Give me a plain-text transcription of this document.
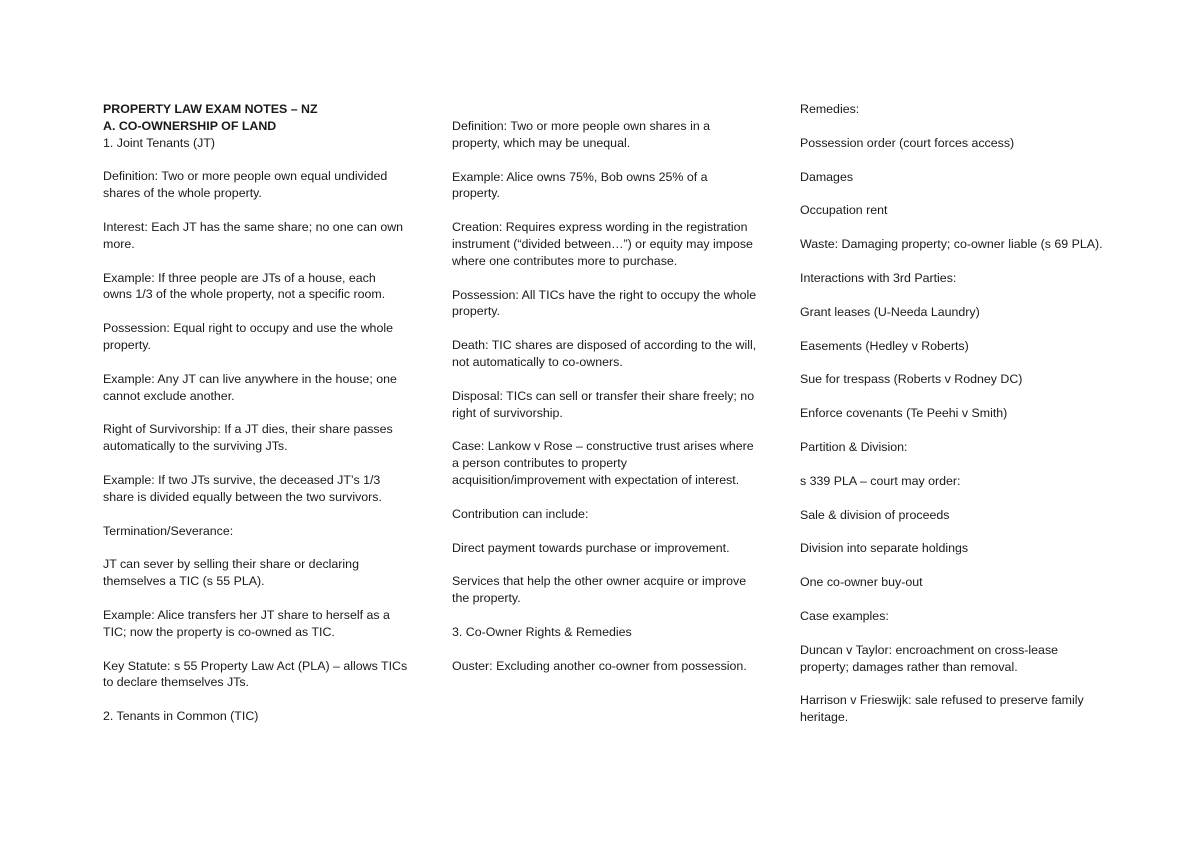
PROPERTY LAW EXAM NOTES – NZ

A. CO-OWNERSHIP OF LAND

1. Joint Tenants (JT)

Definition: Two or more people own equal undivided shares of the whole property.

Interest: Each JT has the same share; no one can own more.

Example: If three people are JTs of a house, each owns 1/3 of the whole property, not a specific room.

Possession: Equal right to occupy and use the whole property.

Example: Any JT can live anywhere in the house; one cannot exclude another.

Right of Survivorship: If a JT dies, their share passes automatically to the surviving JTs.

Example: If two JTs survive, the deceased JT’s 1/3 share is divided equally between the two survivors.

Termination/Severance:

JT can sever by selling their share or declaring themselves a TIC (s 55 PLA).

Example: Alice transfers her JT share to herself as a TIC; now the property is co-owned as TIC.

Key Statute: s 55 Property Law Act (PLA) – allows TICs to declare themselves JTs.

2. Tenants in Common (TIC)

Definition: Two or more people own shares in a property, which may be unequal.

Example: Alice owns 75%, Bob owns 25% of a property.

Creation: Requires express wording in the registration instrument (“divided between…”) or equity may impose where one contributes more to purchase.

Possession: All TICs have the right to occupy the whole property.

Death: TIC shares are disposed of according to the will, not automatically to co-owners.

Disposal: TICs can sell or transfer their share freely; no right of survivorship.

Case: Lankow v Rose – constructive trust arises where a person contributes to property acquisition/improvement with expectation of interest.

Contribution can include:

Direct payment towards purchase or improvement.

Services that help the other owner acquire or improve the property.

3. Co-Owner Rights & Remedies

Ouster: Excluding another co-owner from possession.

Remedies:

Possession order (court forces access)

Damages

Occupation rent

Waste: Damaging property; co-owner liable (s 69 PLA).

Interactions with 3rd Parties:

Grant leases (U-Needa Laundry)

Easements (Hedley v Roberts)

Sue for trespass (Roberts v Rodney DC)

Enforce covenants (Te Peehi v Smith)

Partition & Division:

s 339 PLA – court may order:

Sale & division of proceeds

Division into separate holdings

One co-owner buy-out

Case examples:

Duncan v Taylor: encroachment on cross-lease property; damages rather than removal.

Harrison v Frieswijk: sale refused to preserve family heritage.
